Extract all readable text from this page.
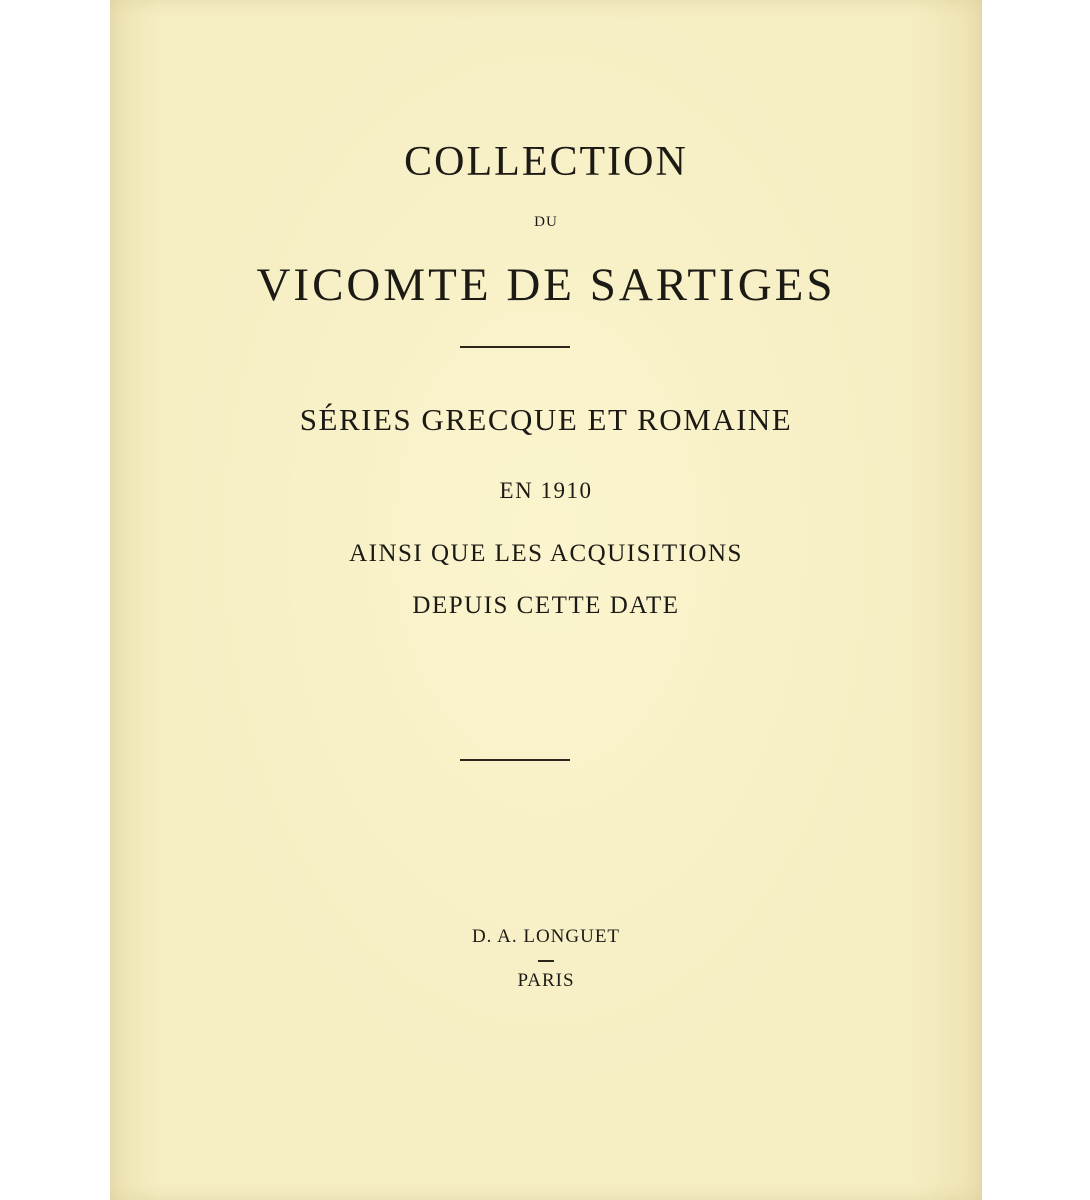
COLLECTION
DU
VICOMTE DE SARTIGES
SÉRIES GRECQUE ET ROMAINE
EN 1910
AINSI QUE LES ACQUISITIONS
DEPUIS CETTE DATE
D. A. LONGUET
PARIS
